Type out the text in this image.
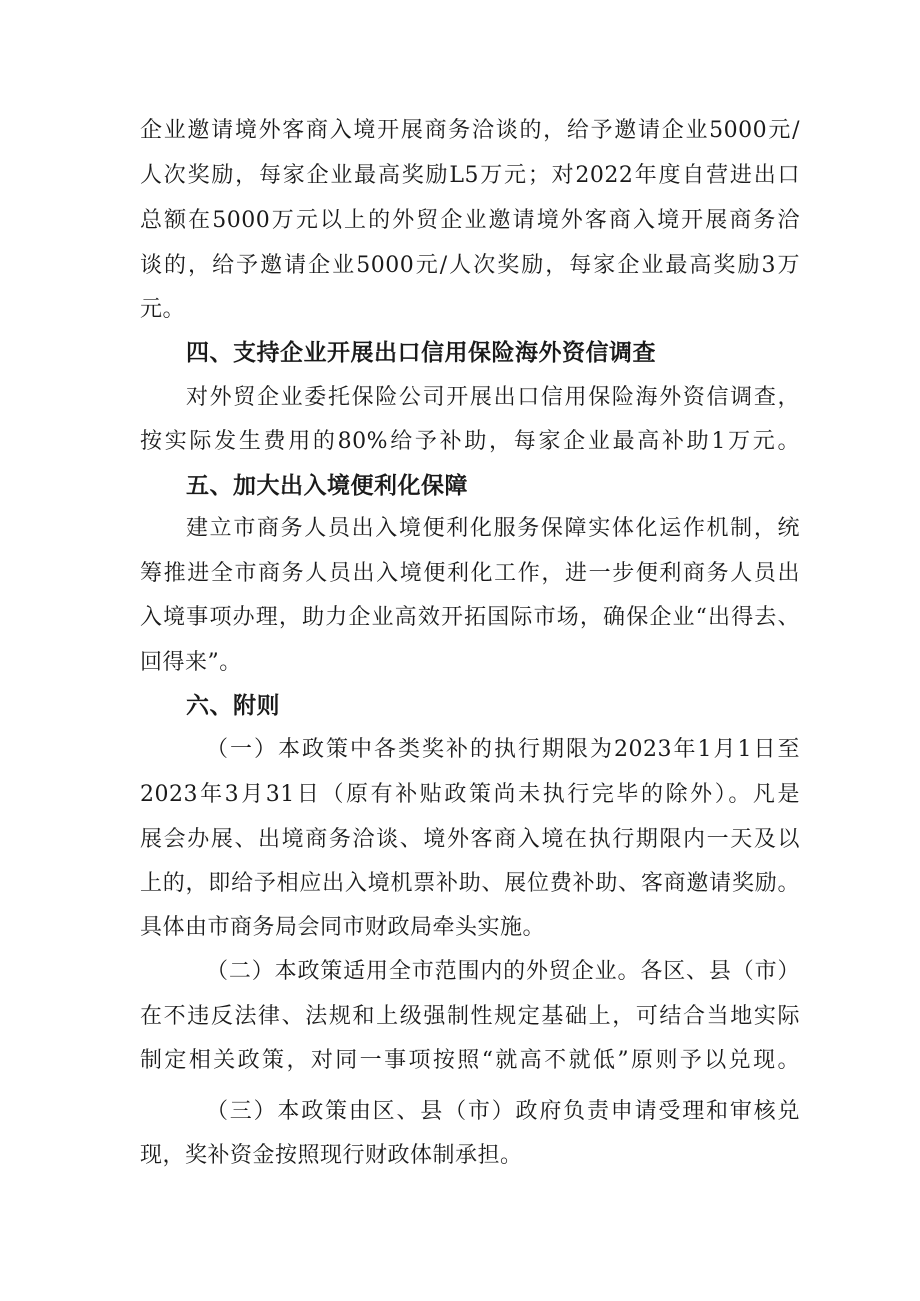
企业邀请境外客商入境开展商务洽谈的，给予邀请企业5000元/
人次奖励，每家企业最高奖励L5万元；对2022年度自营进出口
总额在5000万元以上的外贸企业邀请境外客商入境开展商务洽
谈的，给予邀请企业5000元/人次奖励，每家企业最高奖励3万
元。
四、支持企业开展出口信用保险海外资信调查
对外贸企业委托保险公司开展出口信用保险海外资信调查，
按实际发生费用的80%给予补助，每家企业最高补助1万元。
五、加大出入境便利化保障
建立市商务人员出入境便利化服务保障实体化运作机制，统
筹推进全市商务人员出入境便利化工作，进一步便利商务人员出
入境事项办理，助力企业高效开拓国际市场，确保企业“出得去、
回得来”。
六、附则
（一）本政策中各类奖补的执行期限为2023年1月1日至
2023年3月31日（原有补贴政策尚未执行完毕的除外）。凡是
展会办展、出境商务洽谈、境外客商入境在执行期限内一天及以
上的，即给予相应出入境机票补助、展位费补助、客商邀请奖励。
具体由市商务局会同市财政局牵头实施。
（二）本政策适用全市范围内的外贸企业。各区、县（市）
在不违反法律、法规和上级强制性规定基础上，可结合当地实际
制定相关政策，对同一事项按照“就高不就低”原则予以兑现。
（三）本政策由区、县（市）政府负责申请受理和审核兑
现，奖补资金按照现行财政体制承担。
